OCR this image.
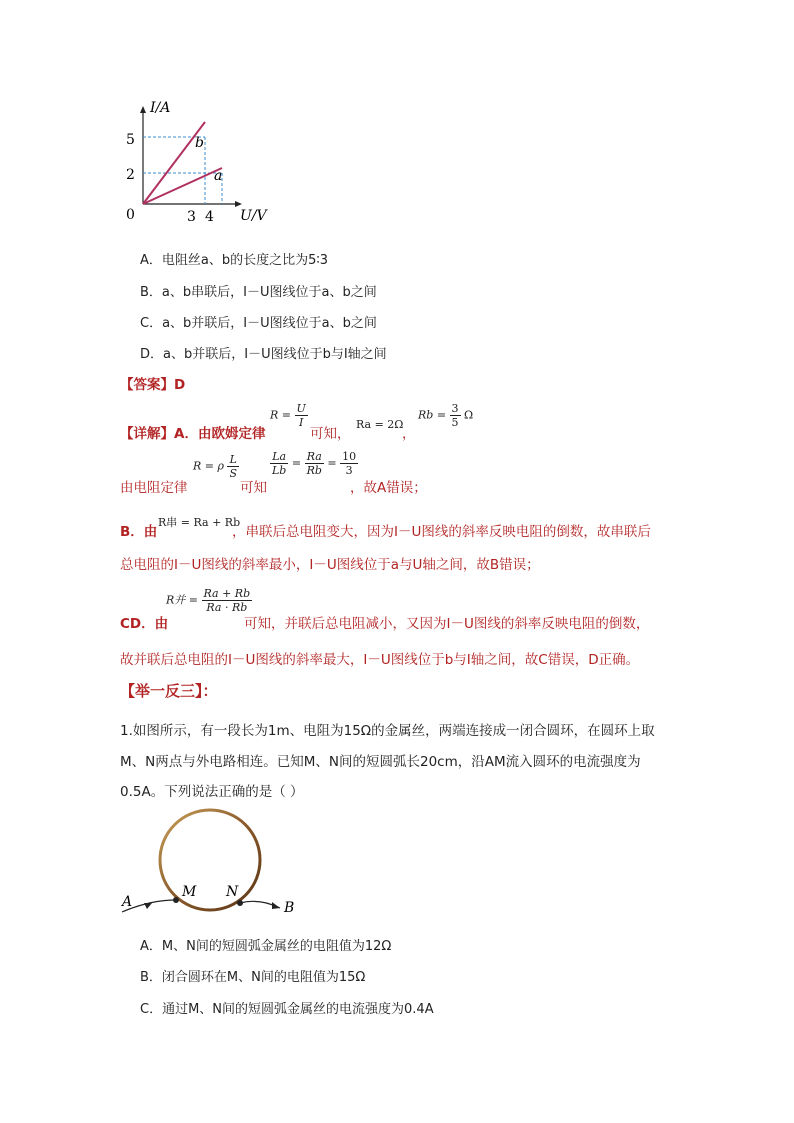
I/A
U/V
5
2
0	3 4
b
a
A．电阻丝a、b的长度之比为5∶3
B．a、b串联后，I－U图线位于a、b之间
C．a、b并联后，I－U图线位于a、b之间
D．a、b并联后，I－U图线位于b与I轴之间
【答案】D
【详解】A．由欧姆定律
$R = \frac{U}{I}$
可知，
Ra = 2Ω
，
$Rb = \frac{3}{5}$ Ω
由电阻定律
R = ρ $\frac{L}{S}$
可知
$\frac{La}{Lb} = \frac{Ra}{Rb} = \frac{10}{3}$
，故A错误；
B．由
R串 = Ra + Rb
，串联后总电阻变大，因为I－U图线的斜率反映电阻的倒数，故串联后
总电阻的I－U图线的斜率最小，I－U图线位于a与U轴之间，故B错误；
CD．由
R并 = $\frac{Ra + Rb}{Ra \cdot Rb}$
可知，并联后总电阻减小，又因为I－U图线的斜率反映电阻的倒数，
故并联后总电阻的I－U图线的斜率最大，I－U图线位于b与I轴之间，故C错误，D正确。
【举一反三】：
1.如图所示，有一段长为1m、电阻为15Ω的金属丝，两端连接成一闭合圆环，在圆环上取
M、N两点与外电路相连。已知M、N间的短圆弧长20cm，沿AM流入圆环的电流强度为
0.5A。下列说法正确的是（ ）
A	B
M N
A．M、N间的短圆弧金属丝的电阻值为12Ω
B．闭合圆环在M、N间的电阻值为15Ω
C．通过M、N间的短圆弧金属丝的电流强度为0.4A
